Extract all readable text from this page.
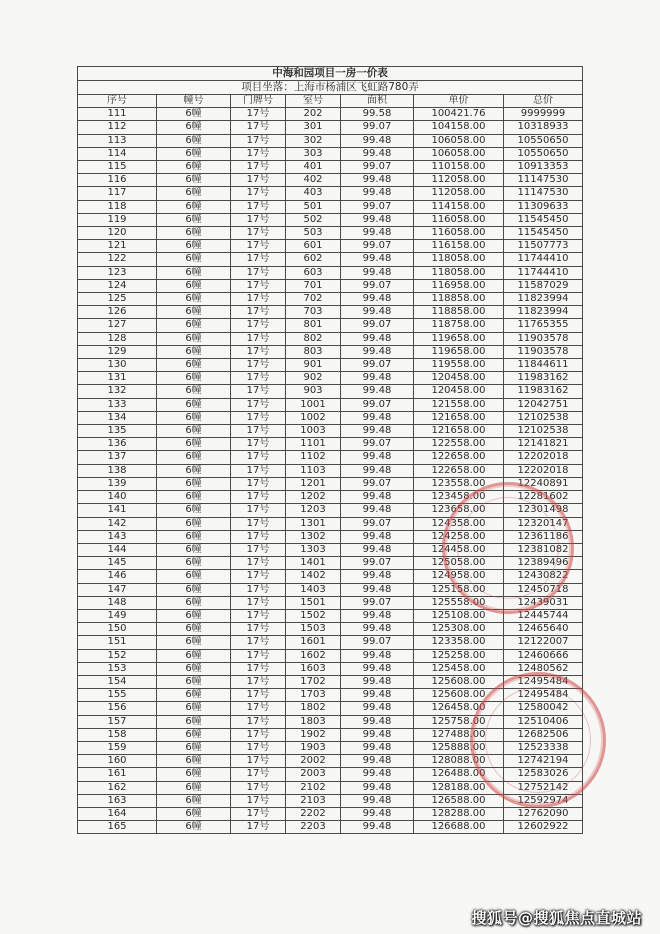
中海和园项目一房一价表						
项目坐落：上海市杨浦区飞虹路780弄						
序号	幢号	门牌号	室号	面积	单价	总价
111	6幢	17号	202	99.58	100421.76	9999999
112	6幢	17号	301	99.07	104158.00	10318933
113	6幢	17号	302	99.48	106058.00	10550650
114	6幢	17号	303	99.48	106058.00	10550650
115	6幢	17号	401	99.07	110158.00	10913353
116	6幢	17号	402	99.48	112058.00	11147530
117	6幢	17号	403	99.48	112058.00	11147530
118	6幢	17号	501	99.07	114158.00	11309633
119	6幢	17号	502	99.48	116058.00	11545450
120	6幢	17号	503	99.48	116058.00	11545450
121	6幢	17号	601	99.07	116158.00	11507773
122	6幢	17号	602	99.48	118058.00	11744410
123	6幢	17号	603	99.48	118058.00	11744410
124	6幢	17号	701	99.07	116958.00	11587029
125	6幢	17号	702	99.48	118858.00	11823994
126	6幢	17号	703	99.48	118858.00	11823994
127	6幢	17号	801	99.07	118758.00	11765355
128	6幢	17号	802	99.48	119658.00	11903578
129	6幢	17号	803	99.48	119658.00	11903578
130	6幢	17号	901	99.07	119558.00	11844611
131	6幢	17号	902	99.48	120458.00	11983162
132	6幢	17号	903	99.48	120458.00	11983162
133	6幢	17号	1001	99.07	121558.00	12042751
134	6幢	17号	1002	99.48	121658.00	12102538
135	6幢	17号	1003	99.48	121658.00	12102538
136	6幢	17号	1101	99.07	122558.00	12141821
137	6幢	17号	1102	99.48	122658.00	12202018
138	6幢	17号	1103	99.48	122658.00	12202018
139	6幢	17号	1201	99.07	123558.00	12240891
140	6幢	17号	1202	99.48	123458.00	12281602
141	6幢	17号	1203	99.48	123658.00	12301498
142	6幢	17号	1301	99.07	124358.00	12320147
143	6幢	17号	1302	99.48	124258.00	12361186
144	6幢	17号	1303	99.48	124458.00	12381082
145	6幢	17号	1401	99.07	125058.00	12389496
146	6幢	17号	1402	99.48	124958.00	12430822
147	6幢	17号	1403	99.48	125158.00	12450718
148	6幢	17号	1501	99.07	125558.00	12439031
149	6幢	17号	1502	99.48	125108.00	12445744
150	6幢	17号	1503	99.48	125308.00	12465640
151	6幢	17号	1601	99.07	123358.00	12122007
152	6幢	17号	1602	99.48	125258.00	12460666
153	6幢	17号	1603	99.48	125458.00	12480562
154	6幢	17号	1702	99.48	125608.00	12495484
155	6幢	17号	1703	99.48	125608.00	12495484
156	6幢	17号	1802	99.48	126458.00	12580042
157	6幢	17号	1803	99.48	125758.00	12510406
158	6幢	17号	1902	99.48	127488.00	12682506
159	6幢	17号	1903	99.48	125888.00	12523338
160	6幢	17号	2002	99.48	128088.00	12742194
161	6幢	17号	2003	99.48	126488.00	12583026
162	6幢	17号	2102	99.48	128188.00	12752142
163	6幢	17号	2103	99.48	126588.00	12592974
164	6幢	17号	2202	99.48	128288.00	12762090
165	6幢	17号	2203	99.48	126688.00	12602922
搜狐号@搜狐焦点直城站
